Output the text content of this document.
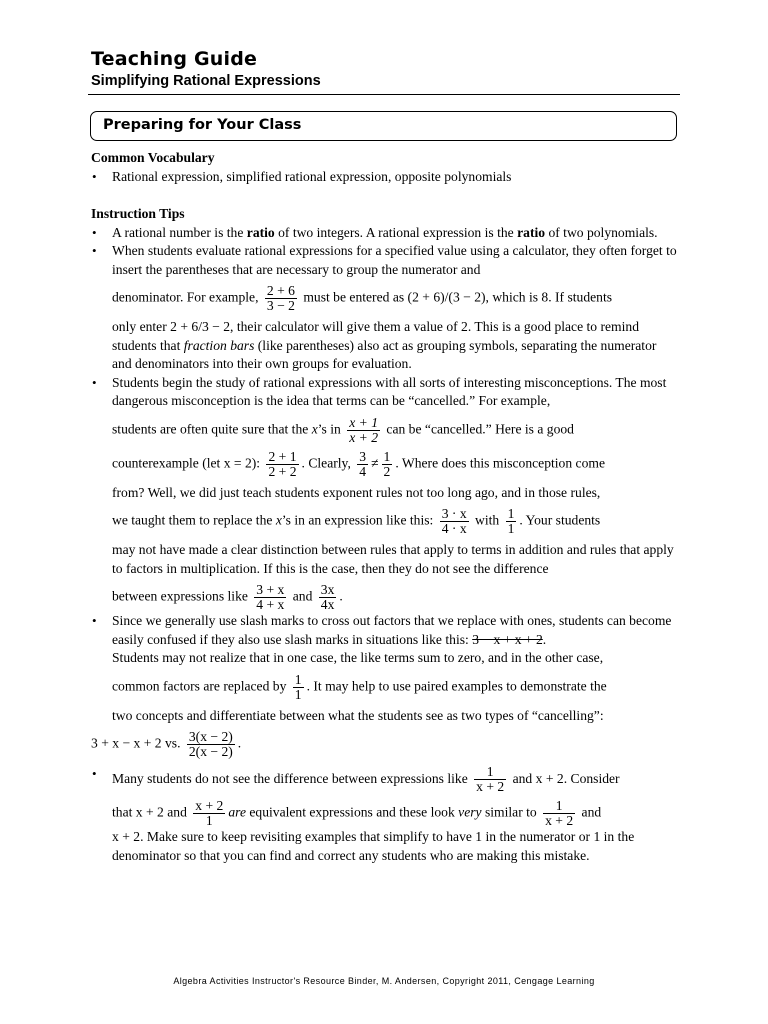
Teaching Guide
Simplifying Rational Expressions
Preparing for Your Class

Common Vocabulary

• Rational expression, simplified rational expression, opposite polynomials

Instruction Tips

• A rational number is the ratio of two integers. A rational expression is the ratio of two polynomials.
• When students evaluate rational expressions for a specified value using a calculator, they often forget to insert the parentheses that are necessary to group the numerator and
denominator. For example, $\frac{2 + 6}{3 - 2}$ must be entered as (2 + 6)/(3 − 2), which is 8. If students
only enter 2 + 6/3 − 2, their calculator will give them a value of 2. This is a good place to remind students that fraction bars (like parentheses) also act as grouping symbols, separating the numerator and denominators into their own groups for evaluation.
• Students begin the study of rational expressions with all sorts of interesting misconceptions. The most dangerous misconception is the idea that terms can be “cancelled.” For example,
students are often quite sure that the x’s in $\frac{x + 1}{x + 2}$ can be “cancelled.” Here is a good
counterexample (let x = 2): $\frac{2 + 1}{2 + 2}$ . Clearly, $\frac{3}{4} \ne \frac{1}{2}$ . Where does this misconception come
from? Well, we did just teach students exponent rules not too long ago, and in those rules,
we taught them to replace the x’s in an expression like this: $\frac{3 \cdot x}{4 \cdot x}$ with $\frac{1}{1}$ . Your students
may not have made a clear distinction between rules that apply to terms in addition and rules that apply to factors in multiplication. If this is the case, then they do not see the difference
between expressions like $\frac{3 + x}{4 + x}$ and $\frac{3x}{4x}$ .
• Since we generally use slash marks to cross out factors that we replace with ones, students can become easily confused if they also use slash marks in situations like this: 3 − x + x + 2.
Students may not realize that in one case, the like terms sum to zero, and in the other case,
common factors are replaced by $\frac{1}{1}$ . It may help to use paired examples to demonstrate the
two concepts and differentiate between what the students see as two types of “cancelling”:
3 + x − x + 2 vs. $\frac{3(x - 2)}{2(x - 2)}$ .
• Many students do not see the difference between expressions like $\frac{1}{x + 2}$ and x + 2. Consider
that x + 2 and $\frac{x + 2}{1}$ are equivalent expressions and these look very similar to $\frac{1}{x + 2}$ and
x + 2. Make sure to keep revisiting examples that simplify to have 1 in the numerator or 1 in the denominator so that you can find and correct any students who are making this mistake.
Algebra Activities Instructor's Resource Binder, M. Andersen, Copyright 2011, Cengage Learning
